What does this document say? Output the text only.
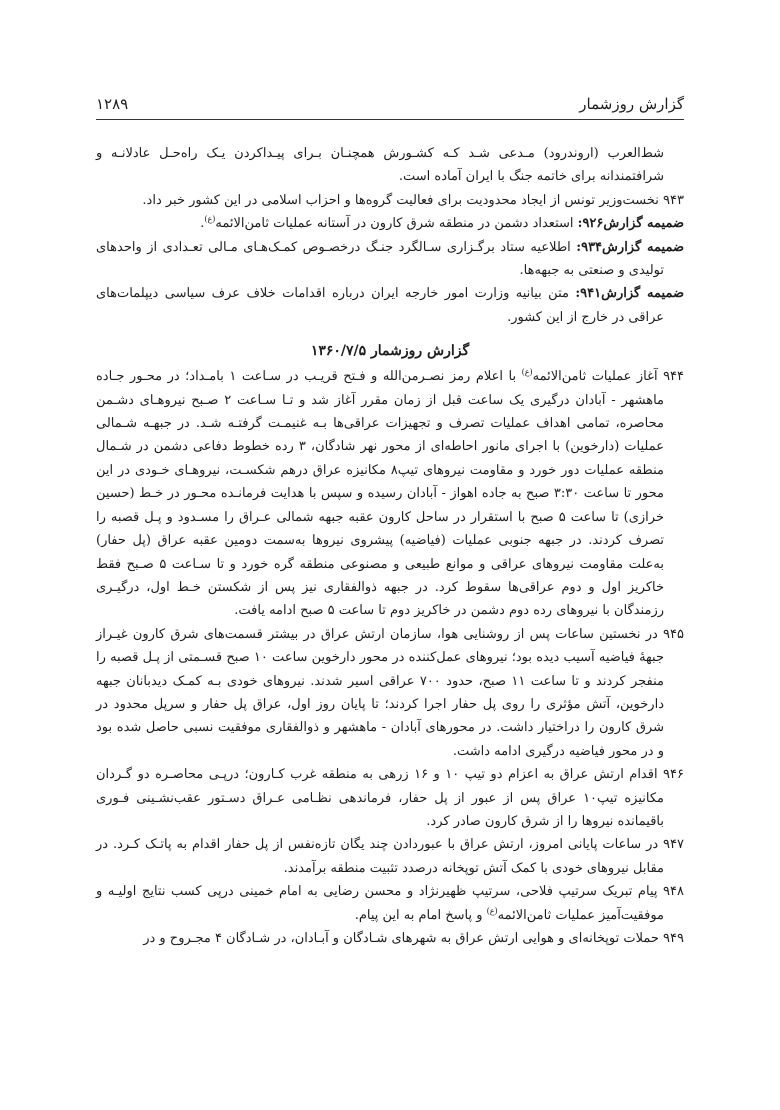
گزارش روزشمار
۱۲۸۹

شط‌العرب (اروندرود) مـدعی شـد کـه کشـورش همچنـان بـرای پیـداکردن یـک راه‌حـل عادلانـه و شرافتمندانه برای خاتمه جنگ با ایران آماده است.

۹۴۳ نخست‌وزیر تونس از ایجاد محدودیت برای فعالیت گروه‌ها و احزاب اسلامی در این کشور خبر داد.

ضمیمه گزارش۹۲۶: استعداد دشمن در منطقه شرق کارون در آستانه عملیات ثامن‌الائمه$^{(ع)}$.

ضمیمه گزارش۹۳۴: اطلاعیه ستاد برگـزاری سـالگرد جنـگ درخصـوص کمـک‌هـای مـالی تعـدادی از واحدهای تولیدی و صنعتی به جبهه‌ها.

ضمیمه گزارش۹۴۱: متن بیانیه وزارت امور خارجه ایران درباره اقدامات خلاف عرف سیاسی دیپلمات‌های عراقی در خارج از این کشور.

گزارش روزشمار ۱۳۶۰/۷/۵

۹۴۴ آغاز عملیات ثامن‌الائمه$^{(ع)}$ با اعلام رمز نصـرمن‌الله و فـتح قریـب در سـاعت ۱ بامـداد؛ در محـور جـاده ماهشهر - آبادان درگیری یک ساعت قبل از زمان مقرر آغاز شد و تـا سـاعت ۲ صـبح نیروهـای دشـمن محاصره، تمامی اهداف عملیات تصرف و تجهیزات عراقی‌ها بـه غنیمـت گرفتـه شـد. در جبهـه شـمالی عملیات (دارخوین) با اجرای مانور احاطه‌ای از محور نهر شادگان، ۳ رده خطوط دفاعی دشمن در شـمال منطقه عملیات دور خورد و مقاومت نیروهای تیپ۸ مکانیزه عراق درهم شکسـت، نیروهـای خـودی در این محور تا ساعت ۳:۳۰ صبح به جاده اهواز - آبادان رسیده و سپس با هدایت فرمانـده محـور در خـط (حسین خرازی) تا ساعت ۵ صبح با استقرار در ساحل کارون عقبه جبهه شمالی عـراق را مسـدود و پـل قصبه را تصرف کردند. در جبهه جنوبی عملیات (فیاضیه) پیشروی نیروها به‌سمت دومین عقبه عراق (پل حفار) به‌علت مقاومت نیروهای عراقی و موانع طبیعی و مصنوعی منطقه گره خورد و تا سـاعت ۵ صـبح فقط خاکریز اول و دوم عراقی‌ها سقوط کرد. در جبهه ذوالفقاری نیز پس از شکستن خـط اول، درگیـری رزمندگان با نیروهای رده دوم دشمن در خاکریز دوم تا ساعت ۵ صبح ادامه یافت.

۹۴۵ در نخستین ساعات پس از روشنایی هوا، سازمان ارتش عراق در بیشتر قسمت‌های شرق کارون غیـراز جبههٔ فیاضیه آسیب دیده بود؛ نیروهای عمل‌کننده در محور دارخوین ساعت ۱۰ صبح قسـمتی از پـل قصبه را منفجر کردند و تا ساعت ۱۱ صبح، حدود ۷۰۰ عراقی اسیر شدند. نیروهای خودی بـه کمـک دیدبانان جبهه دارخوین، آتش مؤثری را روی پل حفار اجرا کردند؛ تا پایان روز اول، عراق پل حفار و سرپل محدود در شرق کارون را دراختیار داشت. در محورهای آبادان - ماهشهر و ذوالفقاری موفقیت نسبی حاصل شده بود و در محور فیاضیه درگیری ادامه داشت.

۹۴۶ اقدام ارتش عراق به اعزام دو تیپ ۱۰ و ۱۶ زرهی به منطقه غرب کـارون؛ درپـی محاصـره دو گـردان مکانیزه تیپ۱۰ عراق پس از عبور از پل حفار، فرماندهی نظـامی عـراق دسـتور عقب‌نشـینی فـوری باقیمانده نیروها را از شرق کارون صادر کرد.

۹۴۷ در ساعات پایانی امروز، ارتش عراق با عبوردادن چند یگان تازه‌نفس از پل حفار اقدام به پاتـک کـرد. در مقابل نیروهای خودی با کمک آتش توپخانه درصدد تثبیت منطقه برآمدند.

۹۴۸ پیام تبریک سرتیپ فلاحی، سرتیپ ظهیرنژاد و محسن رضایی به امام خمینی درپی کسب نتایج اولیـه و موفقیت‌آمیز عملیات ثامن‌الائمه$^{(ع)}$ و پاسخ امام به این پیام.

۹۴۹ حملات توپخانه‌ای و هوایی ارتش عراق به شهرهای شـادگان و آبـادان، در شـادگان ۴ مجـروح و در
